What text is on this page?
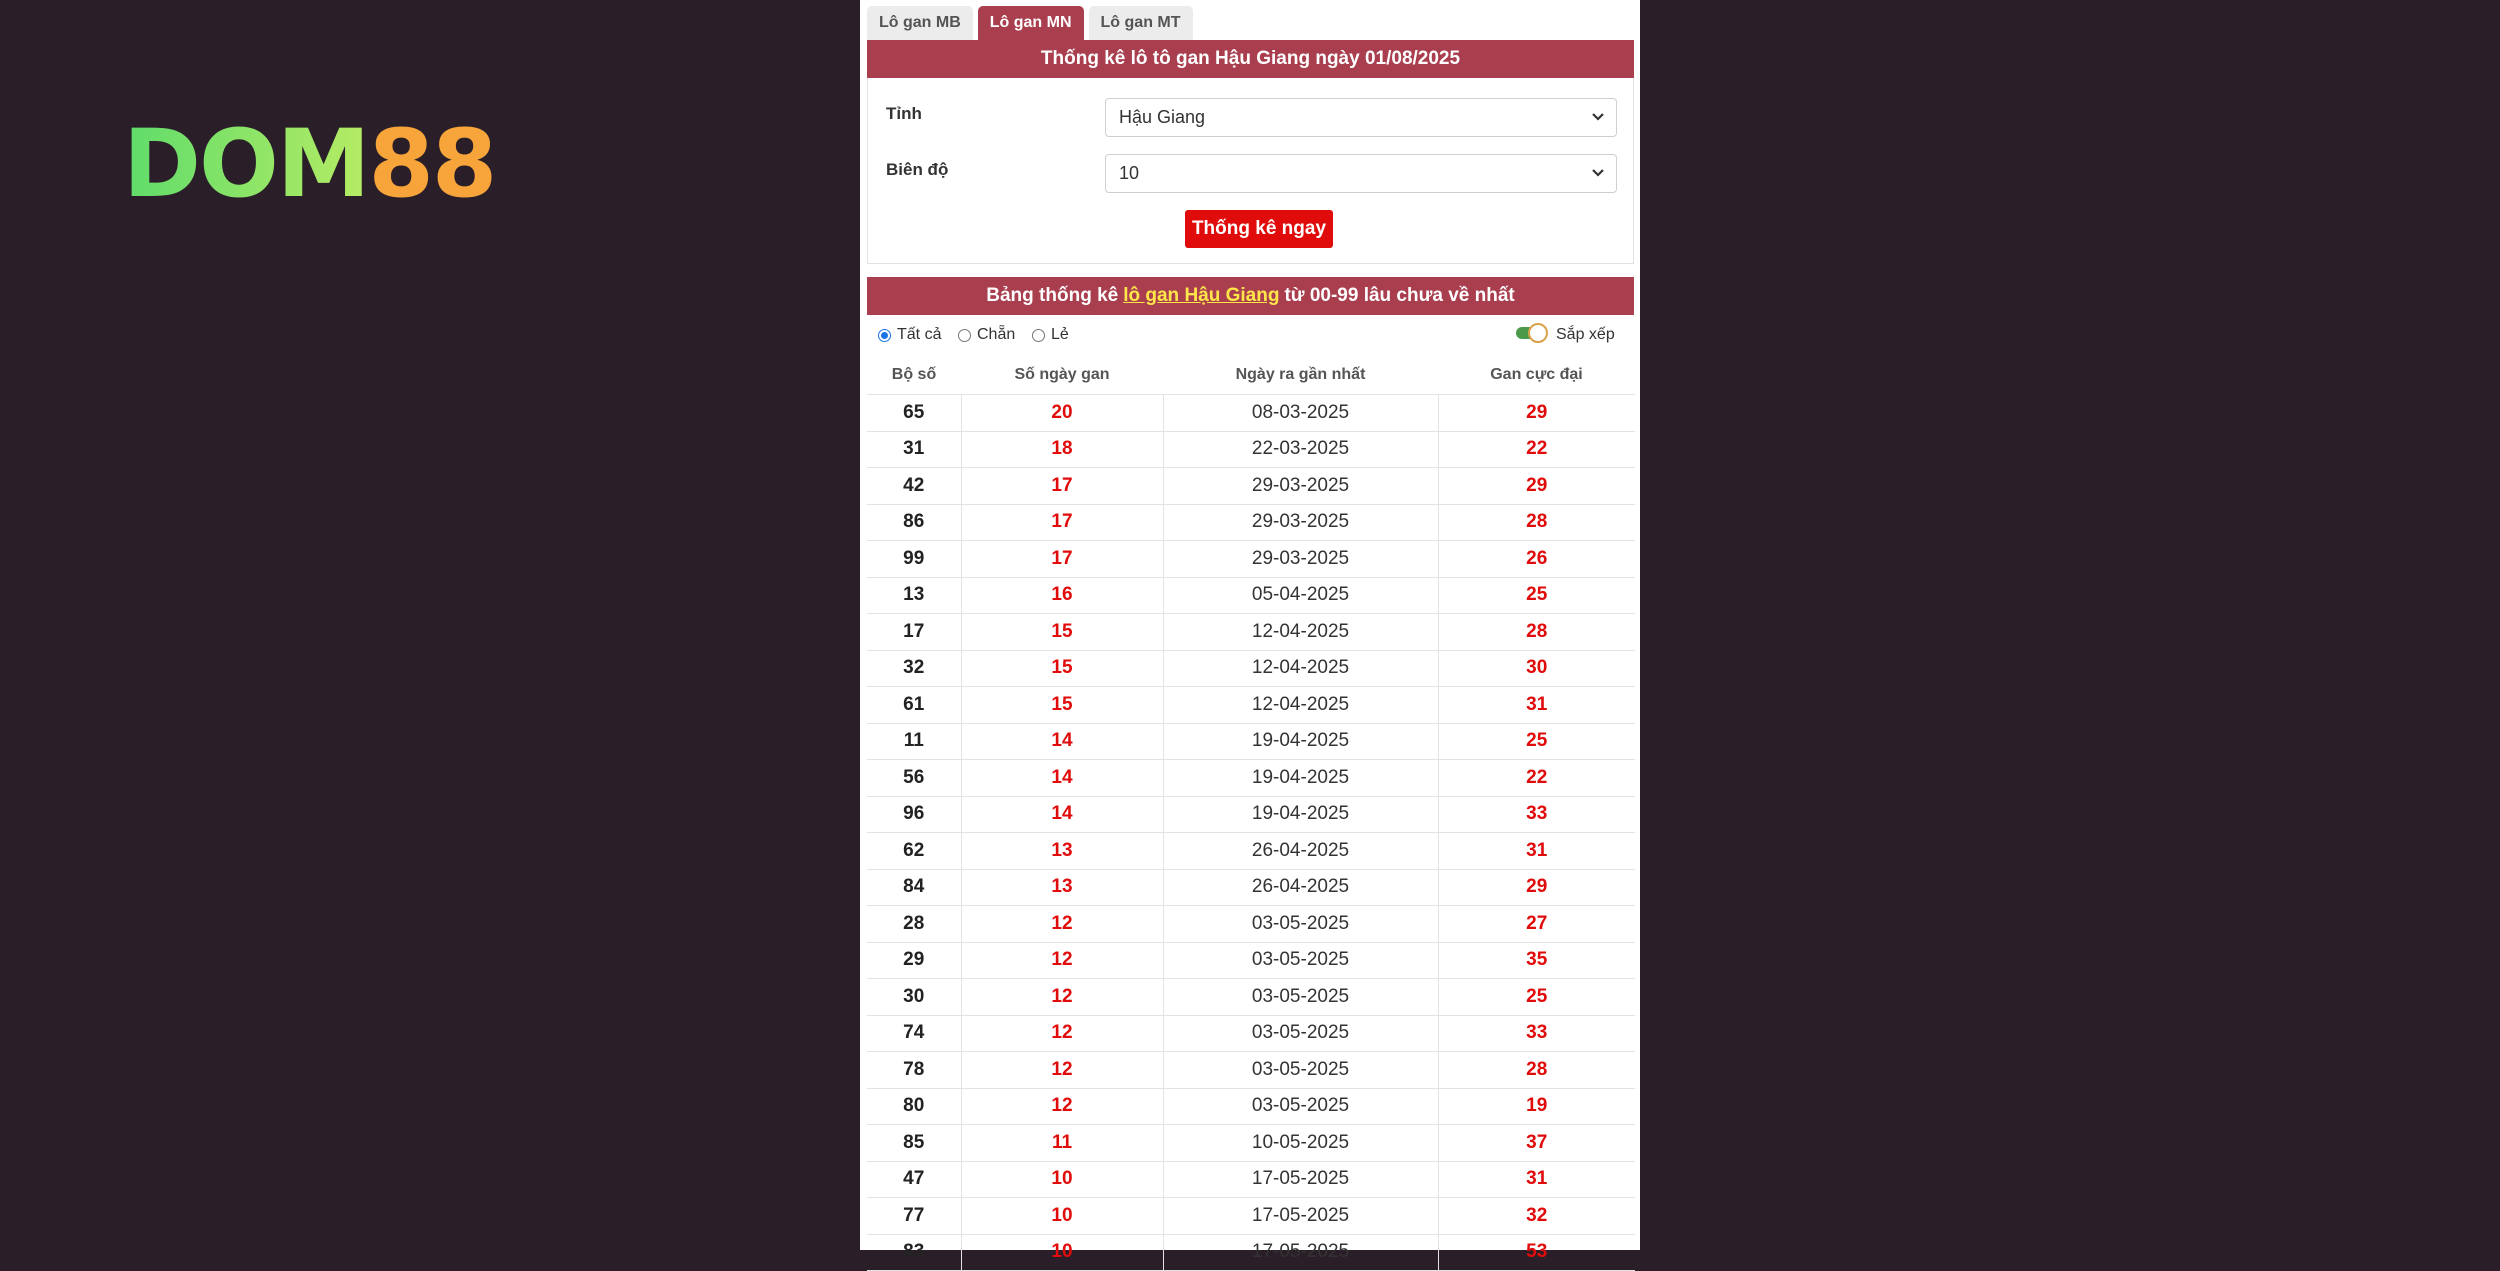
DOM 88
Lô gan MB	Lô gan MN	Lô gan MT
Thống kê lô tô gan Hậu Giang ngày 01/08/2025
Tỉnh	Hậu Giang
Biên độ	10
Thống kê ngay
Bảng thống kê lô gan Hậu Giang từ 00-99 lâu chưa về nhất
Tất cả Chẵn Lẻ	Sắp xếp
Bộ số	Số ngày gan	Ngày ra gần nhất	Gan cực đại
65	20	08-03-2025	29
31	18	22-03-2025	22
42	17	29-03-2025	29
86	17	29-03-2025	28
99	17	29-03-2025	26
13	16	05-04-2025	25
17	15	12-04-2025	28
32	15	12-04-2025	30
61	15	12-04-2025	31
11	14	19-04-2025	25
56	14	19-04-2025	22
96	14	19-04-2025	33
62	13	26-04-2025	31
84	13	26-04-2025	29
28	12	03-05-2025	27
29	12	03-05-2025	35
30	12	03-05-2025	25
74	12	03-05-2025	33
78	12	03-05-2025	28
80	12	03-05-2025	19
85	11	10-05-2025	37
47	10	17-05-2025	31
77	10	17-05-2025	32
83	10	17-05-2025	53
